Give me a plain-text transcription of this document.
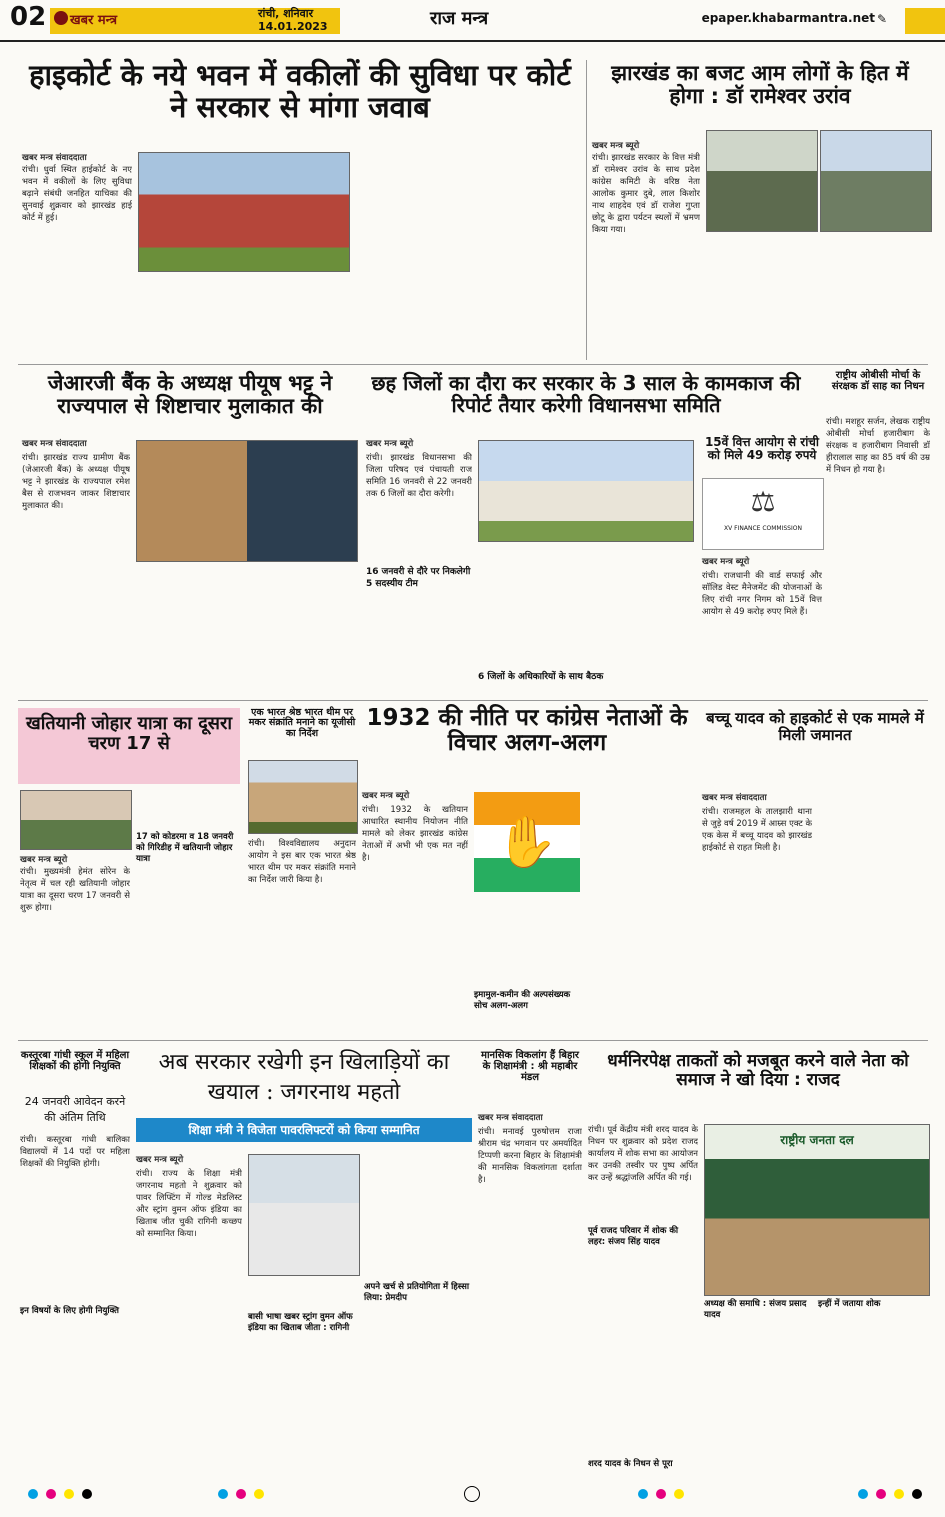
02 खबर मन्त्र	रांची, शनिवार
14.01.2023	राज मन्त्र	epaper.khabarmantra.net ✎
हाइकोर्ट के नये भवन में वकीलों की सुविधा पर कोर्ट ने सरकार से मांगा जवाब
खबर मन्त्र संवाददाता
रांची। धुर्वा स्थित हाईकोर्ट के नए भवन में वकीलों के लिए सुविधा बढ़ाने संबंधी जनहित याचिका की सुनवाई शुक्रवार को झारखंड हाई कोर्ट में हुई।
झारखंड का बजट आम लोगों के हित में होगा : डॉ रामेश्वर उरांव
खबर मन्त्र ब्यूरो
रांची। झारखंड सरकार के वित्त मंत्री डॉ रामेश्वर उरांव के साथ प्रदेश कांग्रेस कमिटी के वरिष्ठ नेता आलोक कुमार दुबे, लाल किशोर नाथ शाहदेव एवं डॉ राजेश गुप्ता छोटू के द्वारा पर्यटन स्थलों में भ्रमण किया गया।
जेआरजी बैंक के अध्यक्ष पीयूष भट्ट ने राज्यपाल से शिष्टाचार मुलाकात की
खबर मन्त्र संवाददाता
रांची। झारखंड राज्य ग्रामीण बैंक (जेआरजी बैंक) के अध्यक्ष पीयूष भट्ट ने झारखंड के राज्यपाल रमेश बैस से राजभवन जाकर शिष्टाचार मुलाकात की।
छह जिलों का दौरा कर सरकार के 3 साल के कामकाज की रिपोर्ट तैयार करेगी विधानसभा समिति
खबर मन्त्र ब्यूरो
रांची। झारखंड विधानसभा की जिला परिषद एवं पंचायती राज समिति 16 जनवरी से 22 जनवरी तक 6 जिलों का दौरा करेगी।
16 जनवरी से दौरे पर निकलेगी 5 सदस्यीय टीम
6 जिलों के अधिकारियों के साथ बैठक
15वें वित्त आयोग से रांची को मिले 49 करोड़ रुपये
⚖
XV FINANCE COMMISSION
खबर मन्त्र ब्यूरो
रांची। राजधानी की वार्ड सफाई और सॉलिड वेस्ट मैनेजमेंट की योजनाओं के लिए रांची नगर निगम को 15वें वित्त आयोग से 49 करोड़ रुपए मिले हैं।
राष्ट्रीय ओबीसी मोर्चा के संरक्षक डॉ साह का निधन
रांची। मशहूर सर्जन, लेखक राष्ट्रीय ओबीसी मोर्चा हजारीबाग के संरक्षक व हजारीबाग निवासी डॉ हीरालाल साह का 85 वर्ष की उम्र में निधन हो गया है।
खतियानी जोहार यात्रा का दूसरा चरण 17 से
खबर मन्त्र ब्यूरो
रांची। मुख्यमंत्री हेमंत सोरेन के नेतृत्व में चल रही खतियानी जोहार यात्रा का दूसरा चरण 17 जनवरी से शुरू होगा।
17 को कोडरमा व 18 जनवरी को गिरिडीह में खतियानी जोहार यात्रा
एक भारत श्रेष्ठ भारत थीम पर मकर संक्रांति मनाने का यूजीसी का निर्देश
रांची। विश्वविद्यालय अनुदान आयोग ने इस बार एक भारत श्रेष्ठ भारत थीम पर मकर संक्रांति मनाने का निर्देश जारी किया है।
1932 की नीति पर कांग्रेस नेताओं के विचार अलग-अलग
खबर मन्त्र ब्यूरो
रांची। 1932 के खतियान आधारित स्थानीय नियोजन नीति मामले को लेकर झारखंड कांग्रेस नेताओं में अभी भी एक मत नहीं है।	✋
इमामुल-कमीन की अल्पसंख्यक सोच अलग-अलग
बच्चू यादव को हाइकोर्ट से एक मामले में मिली जमानत
खबर मन्त्र संवाददाता
रांची। राजमहल के तालझारी थाना से जुड़े वर्ष 2019 में आम्र्स एक्ट के एक केस में बच्चू यादव को झारखंड हाईकोर्ट से राहत मिली है।
कस्तूरबा गांधी स्कूल में महिला शिक्षकों की होगी नियुक्ति
24 जनवरी आवेदन करने की अंतिम तिथि
रांची। कस्तूरबा गांधी बालिका विद्यालयों में 14 पदों पर महिला शिक्षकों की नियुक्ति होगी।
इन विषयों के लिए होगी नियुक्ति
अब सरकार रखेगी इन खिलाड़ियों का खयाल : जगरनाथ महतो
शिक्षा मंत्री ने विजेता पावरलिफ्टरों को किया सम्मानित
खबर मन्त्र ब्यूरो
रांची। राज्य के शिक्षा मंत्री जगरनाथ महतो ने शुक्रवार को पावर लिफ्टिंग में गोल्ड मेडलिस्ट और स्ट्रांग वुमन ऑफ इंडिया का खिताब जीत चुकी रागिनी कच्छप को सम्मानित किया।
बासी भाषा खबर स्ट्रांग वुमन ऑफ इंडिया का खिताब जीता : रागिनी
अपने खर्च से प्रतियोगिता में हिस्सा लिया: प्रेमदीप
मानसिक विकलांग हैं बिहार के शिक्षामंत्री : श्री महाबीर मंडल
खबर मन्त्र संवाददाता
रांची। मनावई पुरुषोत्तम राजा श्रीराम चंद्र भगवान पर अमर्यादित टिप्पणी करना बिहार के शिक्षामंत्री की मानसिक विकलांगता दर्शाता है।
धर्मनिरपेक्ष ताकतों को मजबूत करने वाले नेता को समाज ने खो दिया : राजद
रांची। पूर्व केंद्रीय मंत्री शरद यादव के निधन पर शुक्रवार को प्रदेश राजद कार्यालय में शोक सभा का आयोजन कर उनकी तस्वीर पर पुष्प अर्पित कर उन्हें श्रद्धांजलि अर्पित की गई।
पूर्व राजद परिवार में शोक की लहर: संजय सिंह यादव
शरद यादव के निधन से पूरा
राष्ट्रीय जनता दल
अध्यक्ष की समाधि : संजय प्रसाद यादव
इन्हीं में जताया शोक
